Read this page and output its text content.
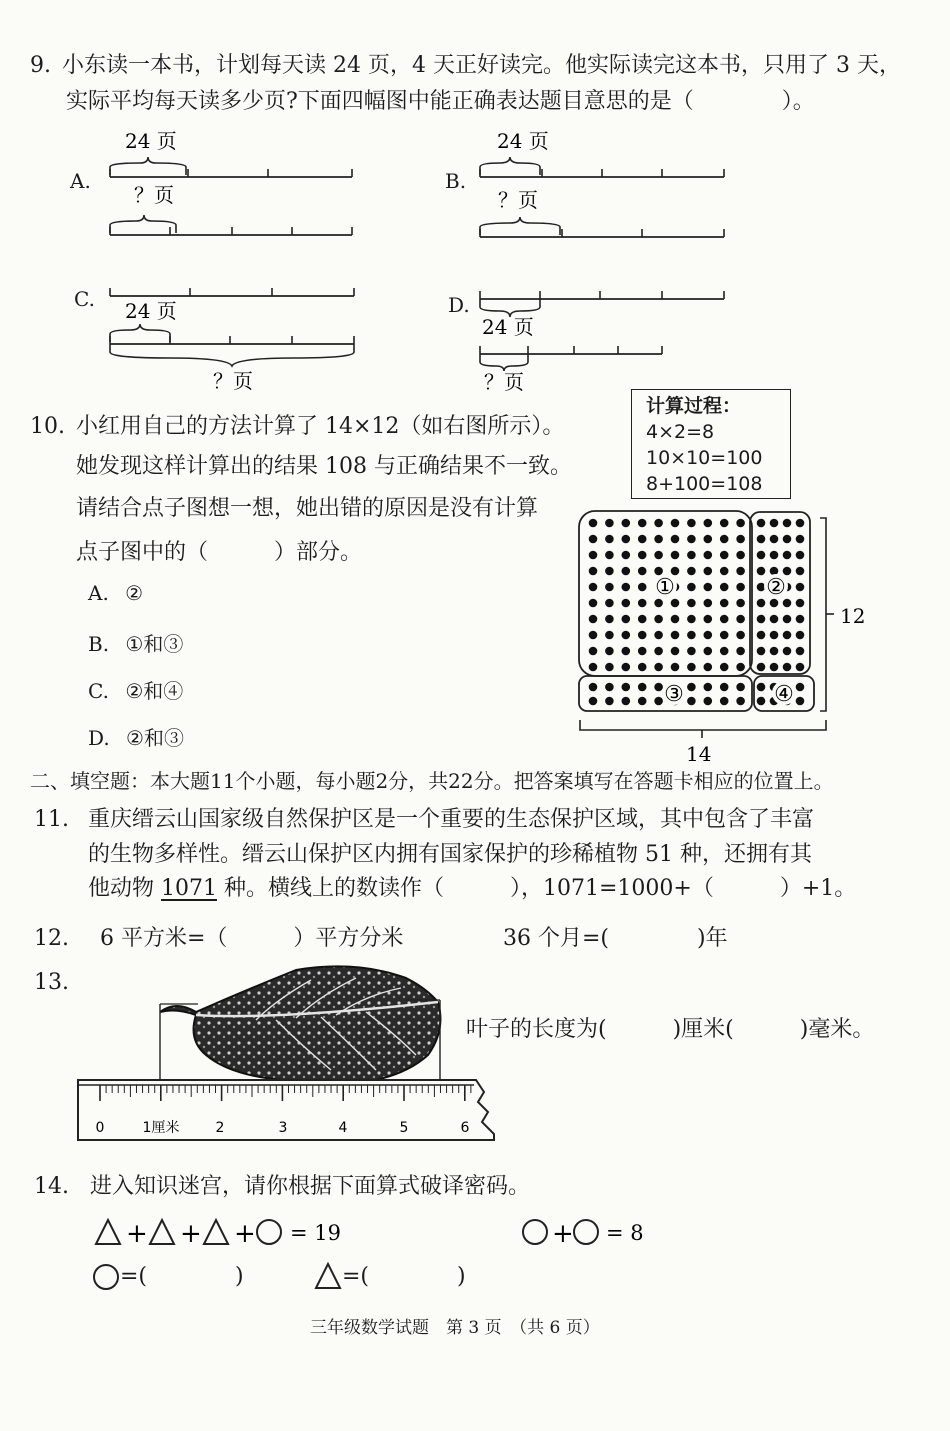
9. 小东读一本书，计划每天读 24 页，4 天正好读完。他实际读完这本书，只用了 3 天，
实际平均每天读多少页?下面四幅图中能正确表达题目意思的是（　　　　）。
A.
24 页
？页
B.
24 页
？页
C. 24 页
？页
D.
24 页
？页
10. 小红用自己的方法计算了 14×12（如右图所示）。
她发现这样计算出的结果 108 与正确结果不一致。
请结合点子图想一想，她出错的原因是没有计算
点子图中的（　　　）部分。
A. ②
B. ①和③
C. ②和④
D. ②和③
计算过程：
4×2=8
10×10=100
8+100=108
①	②
③	④
12
14
二、填空题：本大题11个小题，每小题2分，共22分。把答案填写在答题卡相应的位置上。
11. 重庆缙云山国家级自然保护区是一个重要的生态保护区域，其中包含了丰富
的生物多样性。缙云山保护区内拥有国家保护的珍稀植物 51 种，还拥有其
他动物 1071 种。横线上的数读作（　　　），1071=1000+（　　　）+1。
12. 6 平方米=（　　　）平方分米	36 个月=(　　　　)年
13.
叶子的长度为(　　　)厘米(　　　)毫米。
0	1厘米	2	3	4	5	6
14. 进入知识迷宫，请你根据下面算式破译密码。
+ + + = 19	+ = 8
=(　　　　)	=(　　　　)
三年级数学试题　第 3 页　（共 6 页）
